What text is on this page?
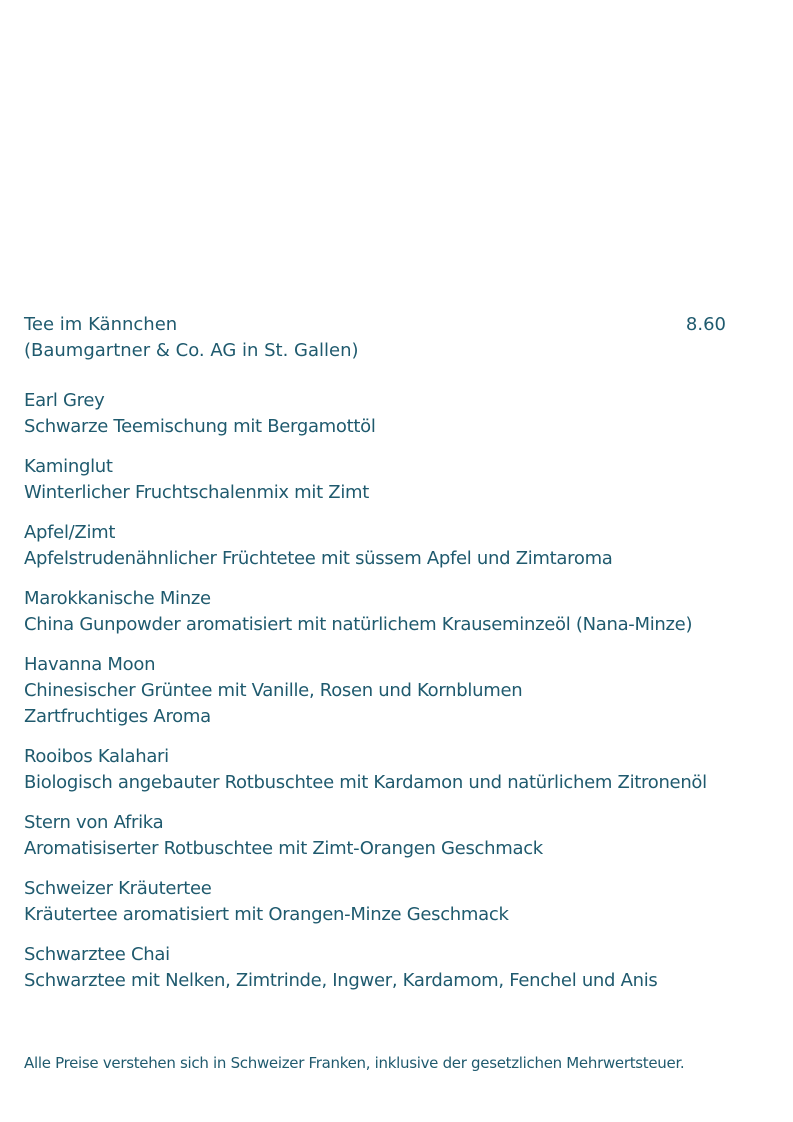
Tee im Kännchen	8.60
(Baumgartner & Co. AG in St. Gallen)
Earl Grey
Schwarze Teemischung mit Bergamottöl
Kaminglut
Winterlicher Fruchtschalenmix mit Zimt
Apfel/Zimt
Apfelstrudenähnlicher Früchtetee mit süssem Apfel und Zimtaroma
Marokkanische Minze
China Gunpowder aromatisiert mit natürlichem Krauseminzeöl (Nana-Minze)
Havanna Moon
Chinesischer Grüntee mit Vanille, Rosen und Kornblumen
Zartfruchtiges Aroma
Rooibos Kalahari
Biologisch angebauter Rotbuschtee mit Kardamon und natürlichem Zitronenöl
Stern von Afrika
Aromatisiserter Rotbuschtee mit Zimt-Orangen Geschmack
Schweizer Kräutertee
Kräutertee aromatisiert mit Orangen-Minze Geschmack
Schwarztee Chai
Schwarztee mit Nelken, Zimtrinde, Ingwer, Kardamom, Fenchel und Anis
Alle Preise verstehen sich in Schweizer Franken, inklusive der gesetzlichen Mehrwertsteuer.
